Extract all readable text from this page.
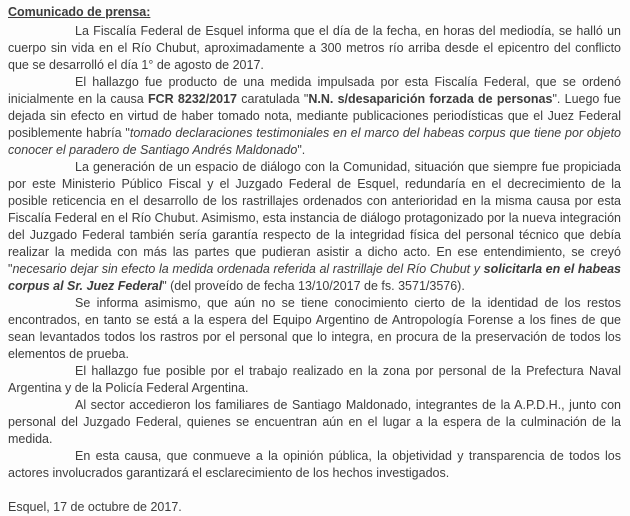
Comunicado de prensa:

La Fiscalía Federal de Esquel informa que el día de la fecha, en horas del mediodía, se halló un cuerpo sin vida en el Río Chubut, aproximadamente a 300 metros río arriba desde el epicentro del conflicto que se desarrolló el día 1° de agosto de 2017.

El hallazgo fue producto de una medida impulsada por esta Fiscalía Federal, que se ordenó inicialmente en la causa FCR 8232/2017 caratulada "N.N. s/desaparición forzada de personas". Luego fue dejada sin efecto en virtud de haber tomado nota, mediante publicaciones periodísticas que el Juez Federal posiblemente habría "tomado declaraciones testimoniales en el marco del habeas corpus que tiene por objeto conocer el paradero de Santiago Andrés Maldonado".

La generación de un espacio de diálogo con la Comunidad, situación que siempre fue propiciada por este Ministerio Público Fiscal y el Juzgado Federal de Esquel, redundaría en el decrecimiento de la posible reticencia en el desarrollo de los rastrillajes ordenados con anterioridad en la misma causa por esta Fiscalía Federal en el Río Chubut. Asimismo, esta instancia de diálogo protagonizado por la nueva integración del Juzgado Federal también sería garantía respecto de la integridad física del personal técnico que debía realizar la medida con más las partes que pudieran asistir a dicho acto. En ese entendimiento, se creyó "necesario dejar sin efecto la medida ordenada referida al rastrillaje del Río Chubut y solicitarla en el habeas corpus al Sr. Juez Federal" (del proveído de fecha 13/10/2017 de fs. 3571/3576).

Se informa asimismo, que aún no se tiene conocimiento cierto de la identidad de los restos encontrados, en tanto se está a la espera del Equipo Argentino de Antropología Forense a los fines de que sean levantados todos los rastros por el personal que lo integra, en procura de la preservación de todos los elementos de prueba.

El hallazgo fue posible por el trabajo realizado en la zona por personal de la Prefectura Naval Argentina y de la Policía Federal Argentina.

Al sector accedieron los familiares de Santiago Maldonado, integrantes de la A.P.D.H., junto con personal del Juzgado Federal, quienes se encuentran aún en el lugar a la espera de la culminación de la medida.

En esta causa, que conmueve a la opinión pública, la objetividad y transparencia de todos los actores involucrados garantizará el esclarecimiento de los hechos investigados.

Esquel, 17 de octubre de 2017.
